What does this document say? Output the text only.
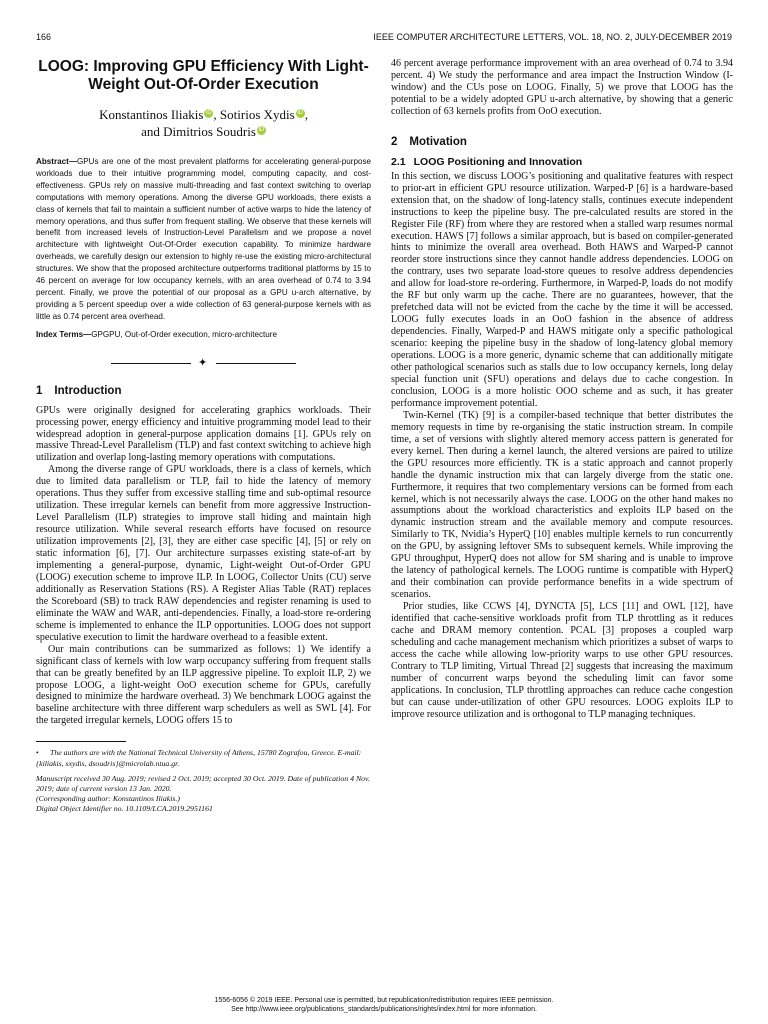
166	IEEE COMPUTER ARCHITECTURE LETTERS, VOL. 18, NO. 2, JULY-DECEMBER 2019
LOOG: Improving GPU Efficiency With Light-Weight Out-Of-Order Execution
Konstantinos Iliakis iD , Sotirios Xydis iD ,
and Dimitrios Soudris iD

Abstract—GPUs are one of the most prevalent platforms for accelerating general-purpose workloads due to their intuitive programming model, computing capacity, and cost-effectiveness. GPUs rely on massive multi-threading and fast context switching to overlap computations with memory operations. Among the diverse GPU workloads, there exists a class of kernels that fail to maintain a sufficient number of active warps to hide the latency of memory operations, and thus suffer from frequent stalling. We observe that these kernels will benefit from increased levels of Instruction-Level Parallelism and we propose a novel architecture with lightweight Out-Of-Order execution capability. To minimize hardware overheads, we carefully design our extension to highly re-use the existing micro-architectural structures. We show that the proposed architecture outperforms traditional platforms by 15 to 46 percent on average for low occupancy kernels, with an area overhead of 0.74 to 3.94 percent. Finally, we prove the potential of our proposal as a GPU u-arch alternative, by providing a 5 percent speedup over a wide collection of 63 general-purpose kernels with as little as 0.74 percent area overhead.

Index Terms—GPGPU, Out-of-Order execution, micro-architecture

✦
1 Introduction

GPUs were originally designed for accelerating graphics workloads. Their processing power, energy efficiency and intuitive programming model lead to their widespread adoption in general-purpose application domains [1]. GPUs rely on massive Thread-Level Parallelism (TLP) and fast context switching to achieve high utilization and overlap long-lasting memory operations with computations.

Among the diverse range of GPU workloads, there is a class of kernels, which due to limited data parallelism or TLP, fail to hide the latency of memory operations. Thus they suffer from excessive stalling time and sub-optimal resource utilization. These irregular kernels can benefit from more aggressive Instruction-Level Parallelism (ILP) strategies to improve stall hiding and maintain high resource utilization. While several research efforts have focused on resource utilization improvements [2], [3], they are either case specific [4], [5] or rely on static information [6], [7]. Our architecture surpasses existing state-of-art by implementing a general-purpose, dynamic, Light-weight Out-of-Order GPU (LOOG) execution scheme to improve ILP. In LOOG, Collector Units (CU) serve additionally as Reservation Stations (RS). A Register Alias Table (RAT) replaces the Scoreboard (SB) to track RAW dependencies and register renaming is used to eliminate the WAW and WAR, anti-dependencies. Finally, a load-store re-ordering scheme is implemented to enhance the ILP opportunities. LOOG does not support speculative execution to limit the hardware overhead to a feasible extent.

Our main contributions can be summarized as follows: 1) We identify a significant class of kernels with low warp occupancy suffering from frequent stalls that can be greatly benefited by an ILP aggressive pipeline. To exploit ILP, 2) we propose LOOG, a light-weight OoO execution scheme for GPUs, carefully designed to minimize the hardware overhead. 3) We benchmark LOOG against the baseline architecture with three different warp schedulers as well as SWL [4]. For the targeted irregular kernels, LOOG offers 15 to

• The authors are with the National Technical University of Athens, 15780 Zografou, Greece. E-mail: {kiliakis, sxydis, dsoudris}@microlab.ntua.gr.
Manuscript received 30 Aug. 2019; revised 2 Oct. 2019; accepted 30 Oct. 2019. Date of publication 4 Nov. 2019; date of current version 13 Jan. 2020.
(Corresponding author: Konstantinos Iliakis.)
Digital Object Identifier no. 10.1109/LCA.2019.2951161

46 percent average performance improvement with an area overhead of 0.74 to 3.94 percent. 4) We study the performance and area impact the Instruction Window (I-window) and the CUs pose on LOOG. Finally, 5) we prove that LOOG has the potential to be a widely adopted GPU u-arch alternative, by showing that a generic collection of 63 kernels profits from OoO execution.

2 Motivation
2.1 LOOG Positioning and Innovation

In this section, we discuss LOOG’s positioning and qualitative features with respect to prior-art in efficient GPU resource utilization. Warped-P [6] is a hardware-based extension that, on the shadow of long-latency stalls, continues execute independent instructions to keep the pipeline busy. The pre-calculated results are stored in the Register File (RF) from where they are restored when a stalled warp resumes normal execution. HAWS [7] follows a similar approach, but is based on compiler-generated hints to minimize the overall area overhead. Both HAWS and Warped-P cannot reorder store instructions since they cannot handle address dependencies. LOOG on the contrary, uses two separate load-store queues to resolve address dependencies and allow for load-store re-ordering. Furthermore, in Warped-P, loads do not modify the RF but only warm up the cache. There are no guarantees, however, that the prefetched data will not be evicted from the cache by the time it will be accessed. LOOG fully executes loads in an OoO fashion in the absence of address dependencies. Finally, Warped-P and HAWS mitigate only a specific pathological scenario: keeping the pipeline busy in the shadow of long-latency global memory operations. LOOG is a more generic, dynamic scheme that can additionally mitigate other pathological scenarios such as stalls due to low occupancy kernels, long delay special function unit (SFU) operations and delays due to cache congestion. In conclusion, LOOG is a more holistic OOO scheme and as such, it has greater performance improvement potential.

Twin-Kernel (TK) [9] is a compiler-based technique that better distributes the memory requests in time by re-organising the static instruction stream. In compile time, a set of versions with slightly altered memory access pattern is generated for every kernel. Then during a kernel launch, the altered versions are paired to utilize the GPU resources more efficiently. TK is a static approach and cannot properly handle the dynamic instruction mix that can largely diverge from the static one. Furthermore, it requires that two complementary versions can be formed from each kernel, which is not necessarily always the case. LOOG on the other hand makes no assumptions about the workload characteristics and exploits ILP based on the dynamic instruction stream and the available memory and compute resources. Similarly to TK, Nvidia’s HyperQ [10] enables multiple kernels to run concurrently on the GPU, by assigning leftover SMs to subsequent kernels. While improving the GPU throughput, HyperQ does not allow for SM sharing and is unable to improve the latency of pathological kernels. The LOOG runtime is compatible with HyperQ and their combination can provide performance benefits in a wide spectrum of scenarios.

Prior studies, like CCWS [4], DYNCTA [5], LCS [11] and OWL [12], have identified that cache-sensitive workloads profit from TLP throttling as it reduces cache and DRAM memory contention. PCAL [3] proposes a coupled warp scheduling and cache management mechanism which prioritizes a subset of warps to access the cache while allowing low-priority warps to use other GPU resources. Contrary to TLP limiting, Virtual Thread [2] suggests that increasing the maximum number of concurrent warps beyond the scheduling limit can favor some applications. In conclusion, TLP throttling approaches can reduce cache congestion but can cause under-utilization of other GPU resources. LOOG exploits ILP to improve resource utilization and is orthogonal to TLP managing techniques.

1556-6056 © 2019 IEEE. Personal use is permitted, but republication/redistribution requires IEEE permission.
See http://www.ieee.org/publications_standards/publications/rights/index.html for more information.
